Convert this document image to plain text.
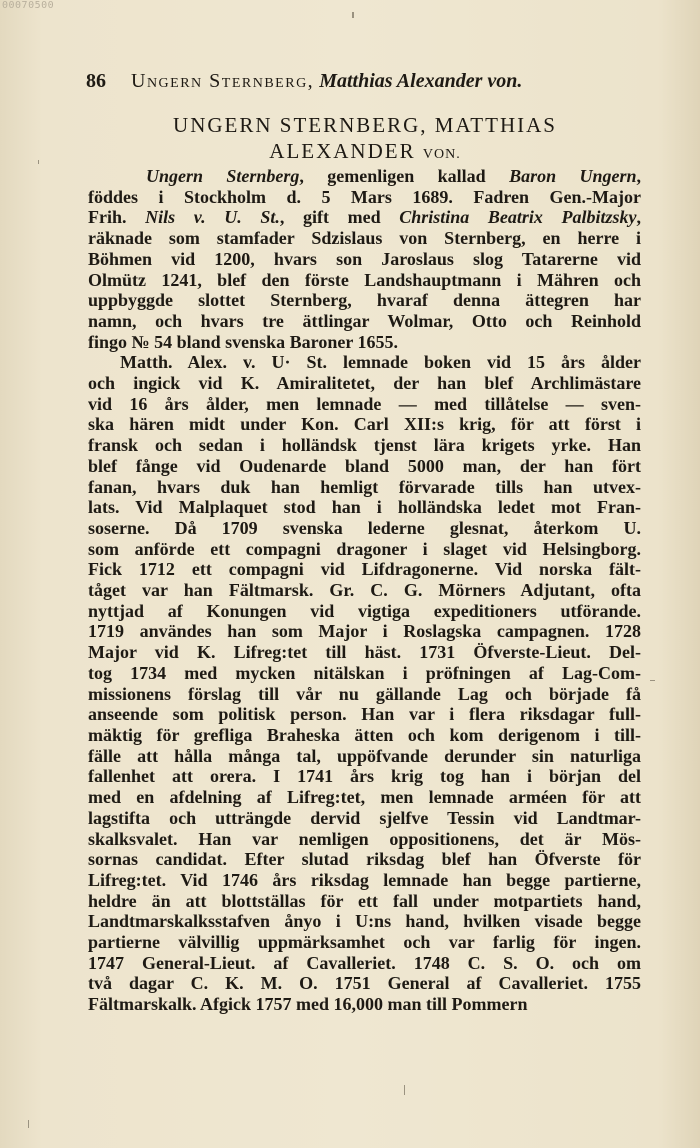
00070500
86 Ungern Sternberg, Matthias Alexander von.
UNGERN STERNBERG, MATTHIAS
ALEXANDER VON.
Ungern Sternberg, gemenligen kallad Baron Ungern,
föddes i Stockholm d. 5 Mars 1689. Fadren Gen.-Major
Frih. Nils v. U. St., gift med Christina Beatrix Palbitzsky,
räknade som stamfader Sdzislaus von Sternberg, en herre i
Böhmen vid 1200, hvars son Jaroslaus slog Tatarerne vid
Olmütz 1241, blef den förste Landshauptmann i Mähren och
uppbyggde slottet Sternberg, hvaraf denna ättegren har
namn, och hvars tre ättlingar Wolmar, Otto och Reinhold
fingo № 54 bland svenska Baroner 1655.
Matth. Alex. v. U· St. lemnade boken vid 15 års ålder
och ingick vid K. Amiralitetet, der han blef Archlimästare
vid 16 års ålder, men lemnade — med tillåtelse — sven-
ska hären midt under Kon. Carl XII:s krig, för att först i
fransk och sedan i holländsk tjenst lära krigets yrke. Han
blef fånge vid Oudenarde bland 5000 man, der han fört
fanan, hvars duk han hemligt förvarade tills han utvex-
lats. Vid Malplaquet stod han i holländska ledet mot Fran-
soserne. Då 1709 svenska lederne glesnat, återkom U.
som anförde ett compagni dragoner i slaget vid Helsingborg.
Fick 1712 ett compagni vid Lifdragonerne. Vid norska fält-
tåget var han Fältmarsk. Gr. C. G. Mörners Adjutant, ofta
nyttjad af Konungen vid vigtiga expeditioners utförande.
1719 användes han som Major i Roslagska campagnen. 1728
Major vid K. Lifreg:tet till häst. 1731 Öfverste-Lieut. Del-
tog 1734 med mycken nitälskan i pröfningen af Lag-Com-
missionens förslag till vår nu gällande Lag och började få
anseende som politisk person. Han var i flera riksdagar full-
mäktig för grefliga Braheska ätten och kom derigenom i till-
fälle att hålla många tal, uppöfvande derunder sin naturliga
fallenhet att orera. I 1741 års krig tog han i början del
med en afdelning af Lifreg:tet, men lemnade arméen för att
lagstifta och utträngde dervid sjelfve Tessin vid Landtmar-
skalksvalet. Han var nemligen oppositionens, det är Mös-
sornas candidat. Efter slutad riksdag blef han Öfverste för
Lifreg:tet. Vid 1746 års riksdag lemnade han begge partierne,
heldre än att blottställas för ett fall under motpartiets hand,
Landtmarskalksstafven ånyo i U:ns hand, hvilken visade begge
partierne välvillig uppmärksamhet och var farlig för ingen.
1747 General-Lieut. af Cavalleriet. 1748 C. S. O. och om
två dagar C. K. M. O. 1751 General af Cavalleriet. 1755
Fältmarskalk. Afgick 1757 med 16,000 man till Pommern
